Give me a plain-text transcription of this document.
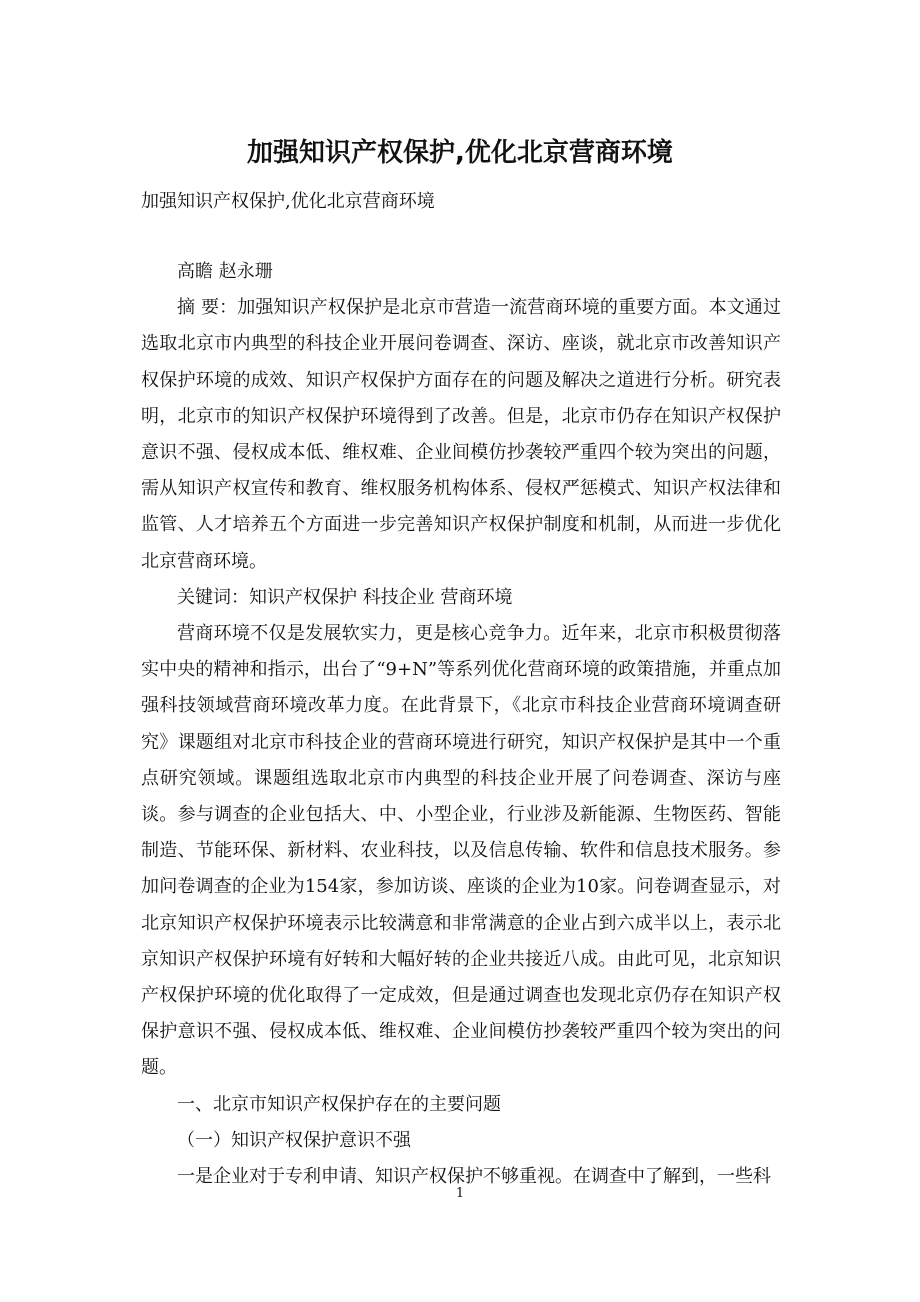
加强知识产权保护,优化北京营商环境

加强知识产权保护,优化北京营商环境

高瞻 赵永珊

摘 要：加强知识产权保护是北京市营造一流营商环境的重要方面。本文通过选取北京市内典型的科技企业开展问卷调查、深访、座谈，就北京市改善知识产权保护环境的成效、知识产权保护方面存在的问题及解决之道进行分析。研究表明，北京市的知识产权保护环境得到了改善。但是，北京市仍存在知识产权保护意识不强、侵权成本低、维权难、企业间模仿抄袭较严重四个较为突出的问题，需从知识产权宣传和教育、维权服务机构体系、侵权严惩模式、知识产权法律和监管、人才培养五个方面进一步完善知识产权保护制度和机制，从而进一步优化北京营商环境。

关键词：知识产权保护 科技企业 营商环境

营商环境不仅是发展软实力，更是核心竞争力。近年来，北京市积极贯彻落实中央的精神和指示，出台了“9+N”等系列优化营商环境的政策措施，并重点加强科技领域营商环境改革力度。在此背景下，《北京市科技企业营商环境调查研究》课题组对北京市科技企业的营商环境进行研究，知识产权保护是其中一个重点研究领域。课题组选取北京市内典型的科技企业开展了问卷调查、深访与座谈。参与调查的企业包括大、中、小型企业，行业涉及新能源、生物医药、智能制造、节能环保、新材料、农业科技，以及信息传输、软件和信息技术服务。参加问卷调查的企业为154家，参加访谈、座谈的企业为10家。问卷调查显示，对北京知识产权保护环境表示比较满意和非常满意的企业占到六成半以上，表示北京知识产权保护环境有好转和大幅好转的企业共接近八成。由此可见，北京知识产权保护环境的优化取得了一定成效，但是通过调查也发现北京仍存在知识产权保护意识不强、侵权成本低、维权难、企业间模仿抄袭较严重四个较为突出的问题。

一、北京市知识产权保护存在的主要问题

（一）知识产权保护意识不强

一是企业对于专利申请、知识产权保护不够重视。在调查中了解到，一些科

1
